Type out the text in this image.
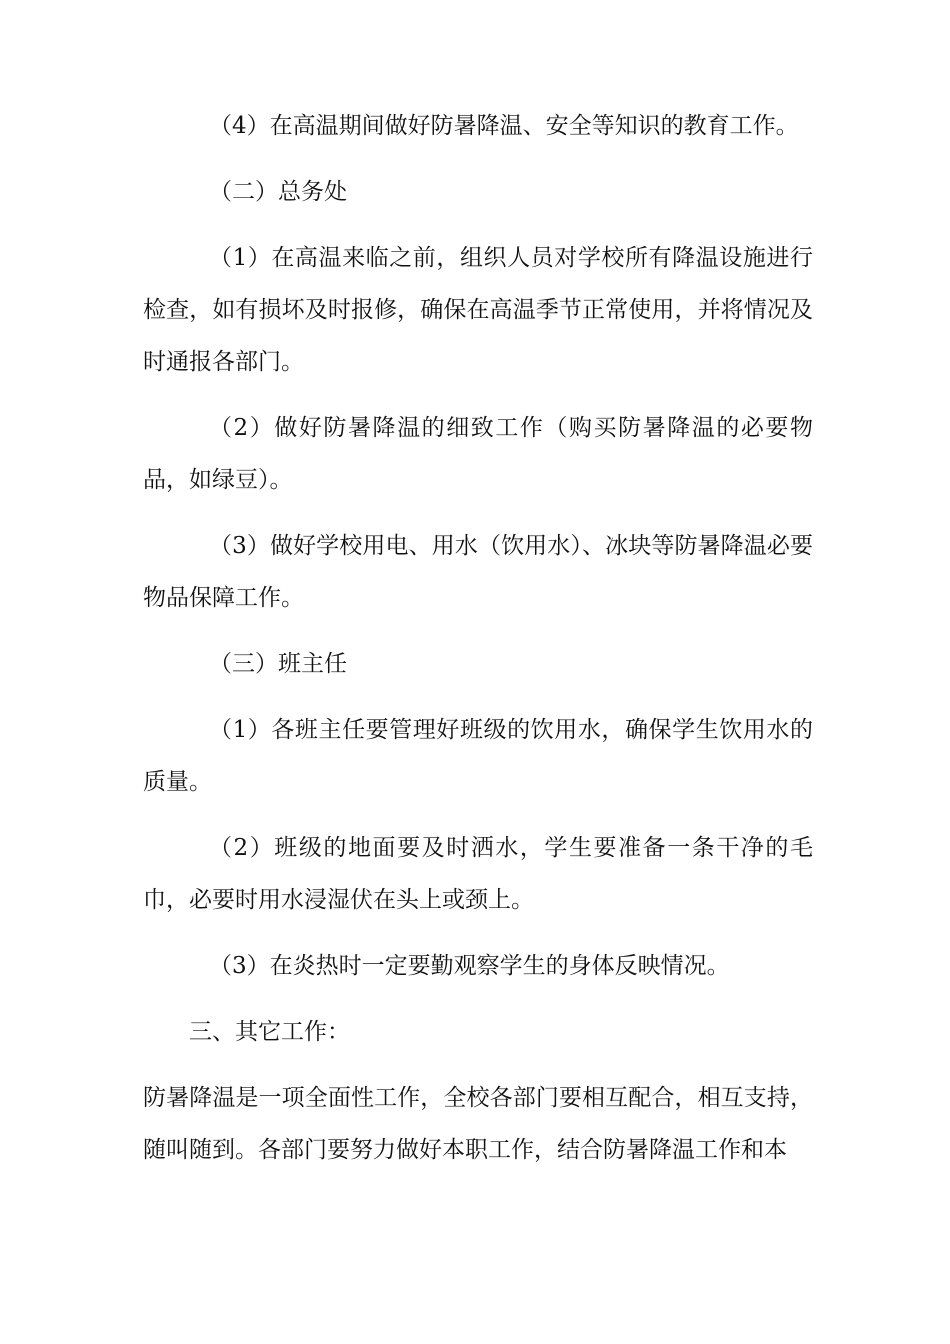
（4）在高温期间做好防暑降温、安全等知识的教育工作。

（二）总务处

（1）在高温来临之前，组织人员对学校所有降温设施进行检查，如有损坏及时报修，确保在高温季节正常使用，并将情况及时通报各部门。

（2）做好防暑降温的细致工作（购买防暑降温的必要物品，如绿豆）。

（3）做好学校用电、用水（饮用水）、冰块等防暑降温必要物品保障工作。

（三）班主任

（1）各班主任要管理好班级的饮用水，确保学生饮用水的质量。

（2）班级的地面要及时洒水，学生要准备一条干净的毛巾，必要时用水浸湿伏在头上或颈上。

（3）在炎热时一定要勤观察学生的身体反映情况。

三、其它工作：

防暑降温是一项全面性工作，全校各部门要相互配合，相互支持，随叫随到。各部门要努力做好本职工作，结合防暑降温工作和本
